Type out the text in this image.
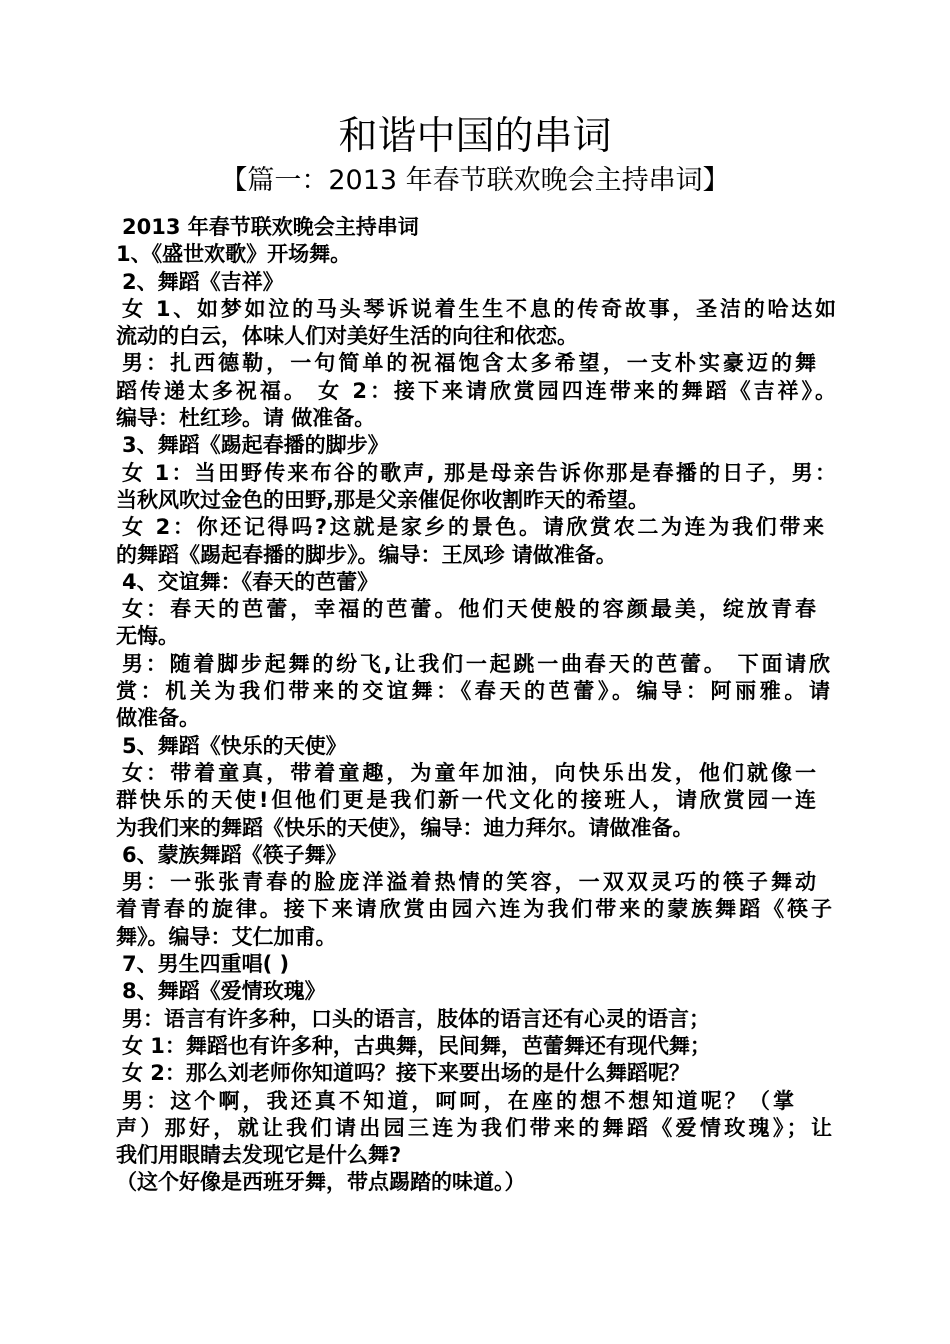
和谐中国的串词
【篇一：2013 年春节联欢晚会主持串词】
2013 年春节联欢晚会主持串词
1、《盛世欢歌》开场舞。
2、舞蹈《吉祥》
女 1、如梦如泣的马头琴诉说着生生不息的传奇故事，圣洁的哈达如
流动的白云，体味人们对美好生活的向往和依恋。
男：扎西德勒，一句简单的祝福饱含太多希望，一支朴实豪迈的舞
蹈传递太多祝福。 女 2：接下来请欣赏园四连带来的舞蹈《吉祥》。
编导：杜红珍。请 做准备。
3、舞蹈《踢起春播的脚步》
女 1：当田野传来布谷的歌声, 那是母亲告诉你那是春播的日子，男：
当秋风吹过金色的田野,那是父亲催促你收割昨天的希望。
女 2：你还记得吗?这就是家乡的景色。请欣赏农二为连为我们带来
的舞蹈《踢起春播的脚步》。编导：王凤珍 请做准备。
4、交谊舞：《春天的芭蕾》
女：春天的芭蕾，幸福的芭蕾。他们天使般的容颜最美，绽放青春
无悔。
男：随着脚步起舞的纷飞,让我们一起跳一曲春天的芭蕾。 下面请欣
赏：机关为我们带来的交谊舞：《春天的芭蕾》。编导：阿丽雅。请
做准备。
5、舞蹈《快乐的天使》
女：带着童真，带着童趣，为童年加油，向快乐出发，他们就像一
群快乐的天使!但他们更是我们新一代文化的接班人，请欣赏园一连
为我们来的舞蹈《快乐的天使》，编导：迪力拜尔。请做准备。
6、蒙族舞蹈《筷子舞》
男：一张张青春的脸庞洋溢着热情的笑容，一双双灵巧的筷子舞动
着青春的旋律。接下来请欣赏由园六连为我们带来的蒙族舞蹈《筷子
舞》。编导：艾仁加甫。
7、男生四重唱( )
8、舞蹈《爱情玫瑰》
男：语言有许多种，口头的语言，肢体的语言还有心灵的语言；
女 1：舞蹈也有许多种，古典舞，民间舞，芭蕾舞还有现代舞；
女 2：那么刘老师你知道吗？接下来要出场的是什么舞蹈呢？
男：这个啊，我还真不知道，呵呵，在座的想不想知道呢？（掌
声）那好，就让我们请出园三连为我们带来的舞蹈《爱情玫瑰》；让
我们用眼睛去发现它是什么舞?
（这个好像是西班牙舞，带点踢踏的味道。）
